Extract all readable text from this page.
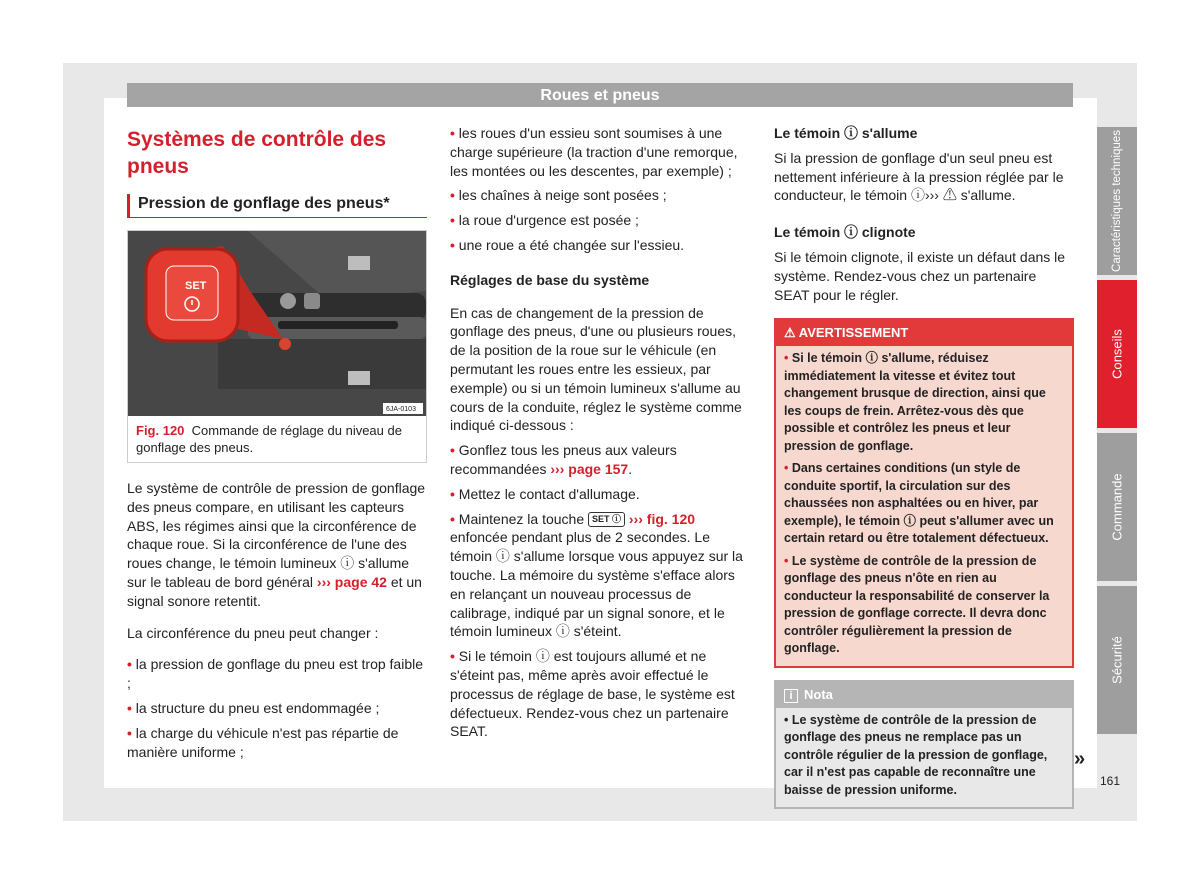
Roues et pneus
Systèmes de contrôle des pneus
Pression de gonflage des pneus*
SET
6JA-0103
Fig. 120 Commande de réglage du niveau de gonflage des pneus.

Le système de contrôle de pression de gonflage des pneus compare, en utilisant les capteurs ABS, les régimes ainsi que la circonférence de chaque roue. Si la circonférence de l'une des roues change, le témoin lumineux ⓘ s'allume sur le tableau de bord général ››› page 42 et un signal sonore retentit.

La circonférence du pneu peut changer :

• la pression de gonflage du pneu est trop faible ;
• la structure du pneu est endommagée ;
• la charge du véhicule n'est pas répartie de manière uniforme ;
• les roues d'un essieu sont soumises à une charge supérieure (la traction d'une remorque, les montées ou les descentes, par exemple) ;
• les chaînes à neige sont posées ;
• la roue d'urgence est posée ;
• une roue a été changée sur l'essieu.
Réglages de base du système

En cas de changement de la pression de gonflage des pneus, d'une ou plusieurs roues, de la position de la roue sur le véhicule (en permutant les roues entre les essieux, par exemple) ou si un témoin lumineux s'allume au cours de la conduite, réglez le système comme indiqué ci-dessous :

• Gonflez tous les pneus aux valeurs recommandées ››› page 157.
• Mettez le contact d'allumage.
• Maintenez la touche SET ⓘ ››› fig. 120 enfoncée pendant plus de 2 secondes. Le témoin ⓘ s'allume lorsque vous appuyez sur la touche. La mémoire du système s'efface alors en relançant un nouveau processus de calibrage, indiqué par un signal sonore, et le témoin lumineux ⓘ s'éteint.
• Si le témoin ⓘ est toujours allumé et ne s'éteint pas, même après avoir effectué le processus de réglage de base, le système est défectueux. Rendez-vous chez un partenaire SEAT.
Le témoin ⓘ s'allume

Si la pression de gonflage d'un seul pneu est nettement inférieure à la pression réglée par le conducteur, le témoin ⓘ››› ⚠ s'allume.

Le témoin ⓘ clignote

Si le témoin clignote, il existe un défaut dans le système. Rendez-vous chez un partenaire SEAT pour le régler.

⚠ AVERTISSEMENT

• Si le témoin ⓘ s'allume, réduisez immédiatement la vitesse et évitez tout changement brusque de direction, ainsi que les coups de frein. Arrêtez-vous dès que possible et contrôlez les pneus et leur pression de gonflage.

• Dans certaines conditions (un style de conduite sportif, la circulation sur des chaussées non asphaltées ou en hiver, par exemple), le témoin ⓘ peut s'allumer avec un certain retard ou être totalement défectueux.

• Le système de contrôle de la pression de gonflage des pneus n'ôte en rien au conducteur la responsabilité de conserver la pression de gonflage correcte. Il devra donc contrôler régulièrement la pression de gonflage.

i Nota

• Le système de contrôle de la pression de gonflage des pneus ne remplace pas un contrôle régulier de la pression de gonflage, car il n'est pas capable de reconnaître une baisse de pression uniforme.

Caractéristiques techniques
Conseils
Commande
Sécurité
»
161
